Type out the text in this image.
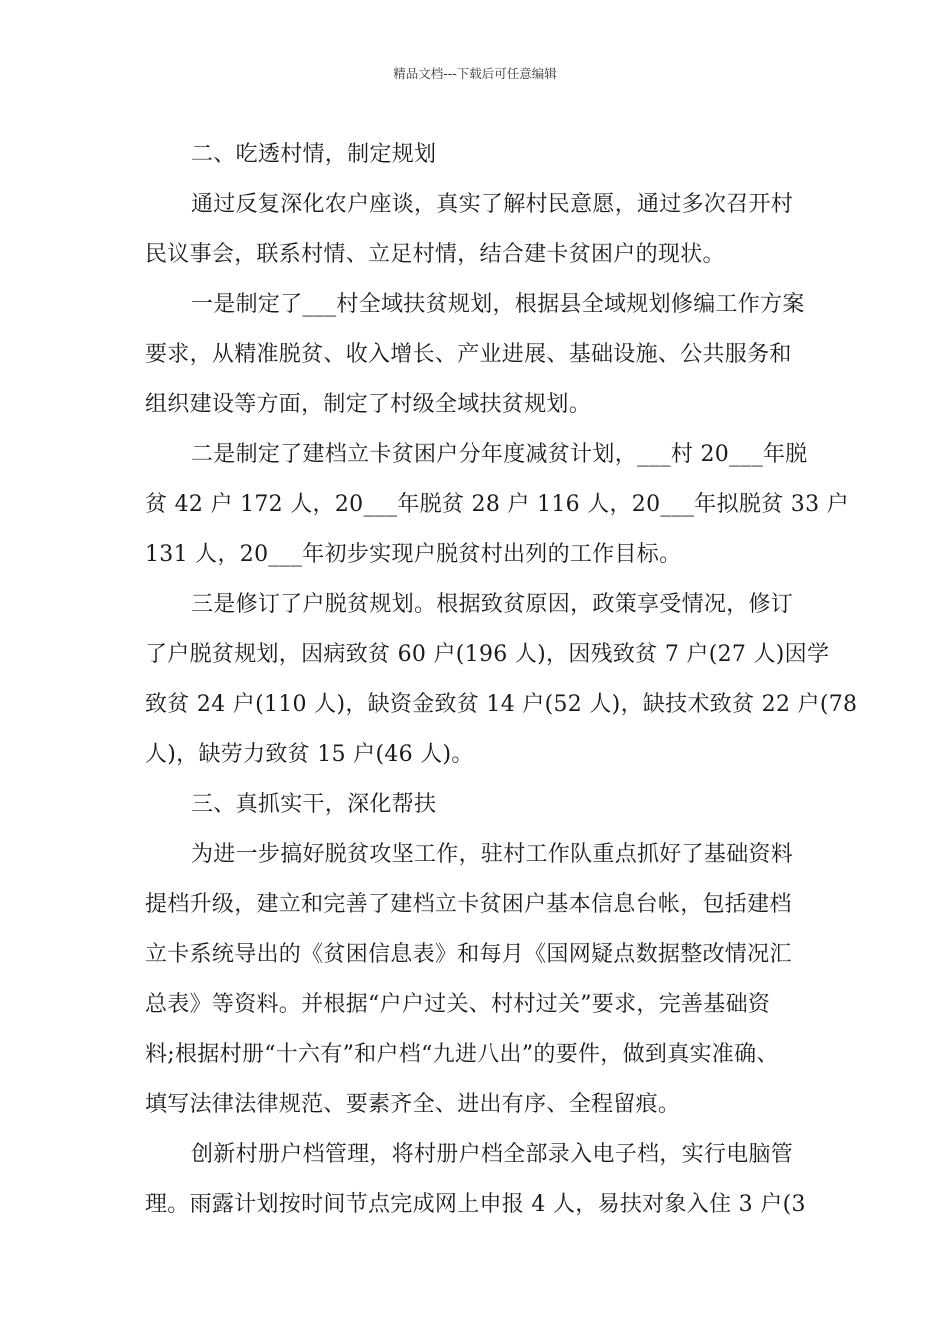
精品文档---下载后可任意编辑
二、吃透村情，制定规划
通过反复深化农户座谈，真实了解村民意愿，通过多次召开村
民议事会，联系村情、立足村情，结合建卡贫困户的现状。
一是制定了___村全域扶贫规划，根据县全域规划修编工作方案
要求，从精准脱贫、收入增长、产业进展、基础设施、公共服务和
组织建设等方面，制定了村级全域扶贫规划。
二是制定了建档立卡贫困户分年度减贫计划，___村 20___年脱
贫 42 户 172 人，20___年脱贫 28 户 116 人，20___年拟脱贫 33 户
131 人，20___年初步实现户脱贫村出列的工作目标。
三是修订了户脱贫规划。根据致贫原因，政策享受情况，修订
了户脱贫规划，因病致贫 60 户(196 人)，因残致贫 7 户(27 人)因学
致贫 24 户(110 人)，缺资金致贫 14 户(52 人)，缺技术致贫 22 户(78
人)，缺劳力致贫 15 户(46 人)。
三、真抓实干，深化帮扶
为进一步搞好脱贫攻坚工作，驻村工作队重点抓好了基础资料
提档升级，建立和完善了建档立卡贫困户基本信息台帐，包括建档
立卡系统导出的《贫困信息表》和每月《国网疑点数据整改情况汇
总表》等资料。并根据“户户过关、村村过关”要求，完善基础资
料;根据村册“十六有”和户档“九进八出”的要件，做到真实准确、
填写法律法律规范、要素齐全、进出有序、全程留痕。
创新村册户档管理，将村册户档全部录入电子档，实行电脑管
理。雨露计划按时间节点完成网上申报 4 人，易扶对象入住 3 户(3
